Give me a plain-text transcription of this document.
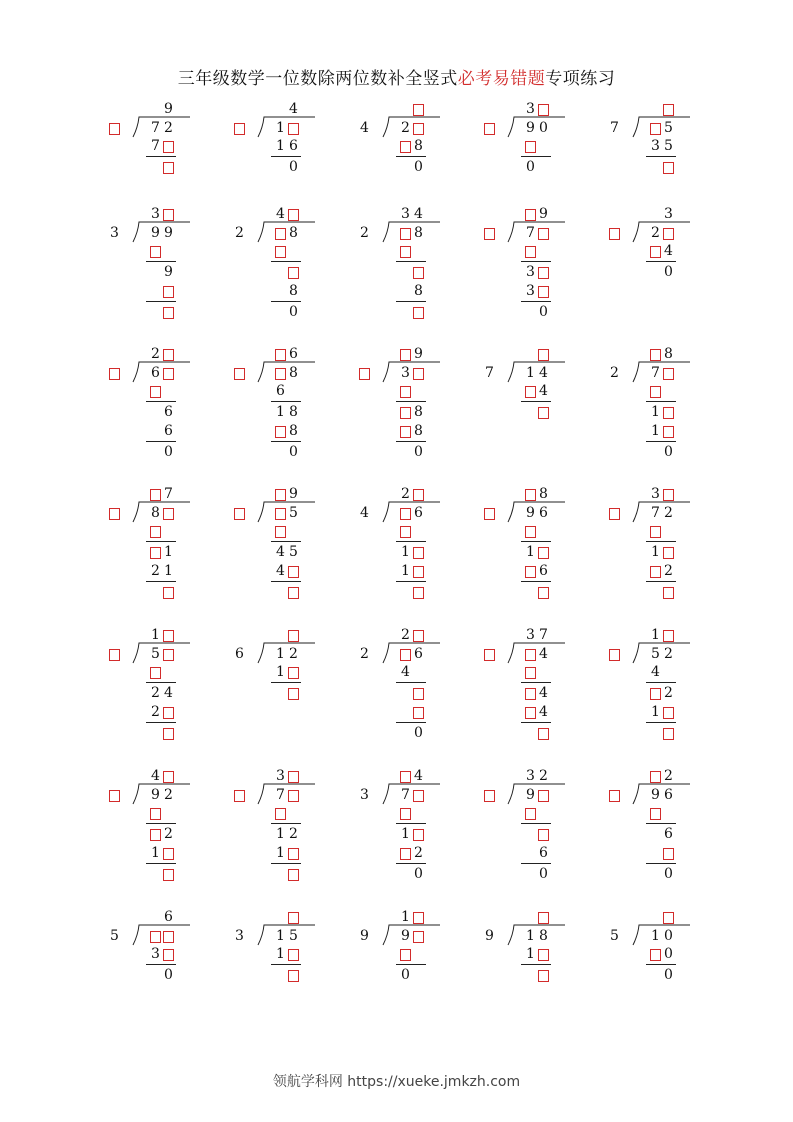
三年级数学一位数除两位数补全竖式必考易错题专项练习
9
7 2
7
4
1
1 6
0
4 2
8
0
3
9 0
0
7	5
3 5
3
3 9 9
9
4
2	8
8
0
3 4
2	8
8
9
7
3
3
0
3
2
4
0
2
6
6
6
0
6
8
6
1 8
8
0
9
3
8
8
0
7 1 4
4
8
2 7
1
1
0
7
8
1
2 1
9
5
4 5
4
2
4	6
1
1
8
9 6
1
6
3
7 2
1
2
1
5
2 4
2
6 1 2
1
2
2	6
4
0
3 7
4
4
4
1
5 2
4
2
1
4
9 2
2
1
3
7
1 2
1
4
3 7
1
2
0
3 2
9
6
0
2
9 6
6
0
6
5
3
0
3 1 5
1
1
9 9
0
9 1 8
1
5 1 0
0
0
领航学科网 https://xueke.jmkzh.com
